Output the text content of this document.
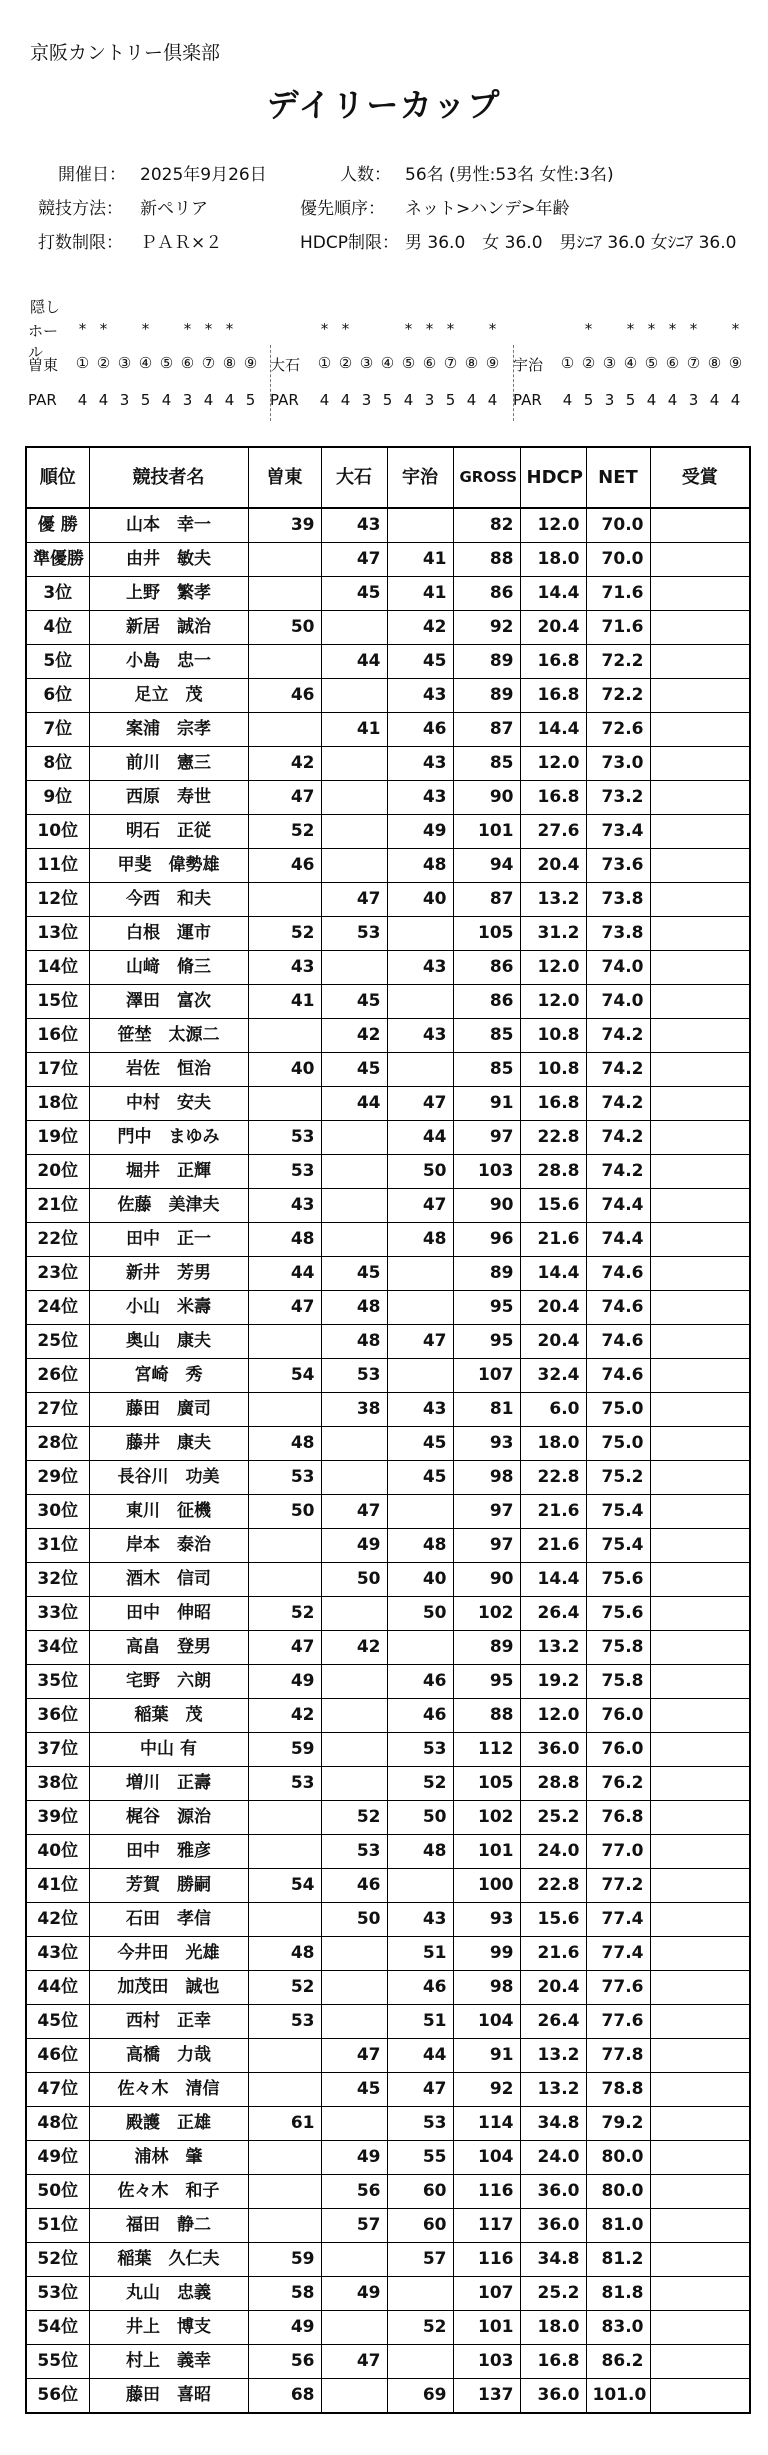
京阪カントリー倶楽部
デイリーカップ
開催日： 2025年9月26日	人数： 56名 (男性:53名 女性:3名)
競技方法： 新ペリア	優先順序： ネット>ハンデ>年齢
打数制限： ＰＡＲ×２	HDCP制限： 男 36.0　女 36.0　男ｼﾆｱ 36.0 女ｼﾆｱ 36.0
隠し
ホール
* *	*	* * *	* *	* * *	*	*	* * * *	*
曽東	① ② ③ ④ ⑤ ⑥ ⑦ ⑧ ⑨ 大石	① ② ③ ④ ⑤ ⑥ ⑦ ⑧ ⑨ 宇治	① ② ③ ④ ⑤ ⑥ ⑦ ⑧ ⑨
PAR	4 4 3 5 4 3 4 4 5 PAR	4 4 3 5 4 3 5 4 4	PAR	4 5 3 5 4 4 3 4 4
順位	競技者名	曽東	大石	宇治	GROSS	HDCP	NET	受賞
優 勝	山本　幸一	39	43		82	12.0	70.0	
準優勝	由井　敏夫		47	41	88	18.0	70.0	
3位	上野　繁孝		45	41	86	14.4	71.6	
4位	新居　誠治	50		42	92	20.4	71.6	
5位	小島　忠一		44	45	89	16.8	72.2	
6位	足立　茂	46		43	89	16.8	72.2	
7位	案浦　宗孝		41	46	87	14.4	72.6	
8位	前川　憲三	42		43	85	12.0	73.0	
9位	西原　寿世	47		43	90	16.8	73.2	
10位	明石　正従	52		49	101	27.6	73.4	
11位	甲斐　偉勢雄	46		48	94	20.4	73.6	
12位	今西　和夫		47	40	87	13.2	73.8	
13位	白根　運市	52	53		105	31.2	73.8	
14位	山﨑　脩三	43		43	86	12.0	74.0	
15位	澤田　富次	41	45		86	12.0	74.0	
16位	笹埜　太源二		42	43	85	10.8	74.2	
17位	岩佐　恒治	40	45		85	10.8	74.2	
18位	中村　安夫		44	47	91	16.8	74.2	
19位	門中　まゆみ	53		44	97	22.8	74.2	
20位	堀井　正輝	53		50	103	28.8	74.2	
21位	佐藤　美津夫	43		47	90	15.6	74.4	
22位	田中　正一	48		48	96	21.6	74.4	
23位	新井　芳男	44	45		89	14.4	74.6	
24位	小山　米壽	47	48		95	20.4	74.6	
25位	奥山　康夫		48	47	95	20.4	74.6	
26位	宮崎　秀	54	53		107	32.4	74.6	
27位	藤田　廣司		38	43	81	6.0	75.0	
28位	藤井　康夫	48		45	93	18.0	75.0	
29位	長谷川　功美	53		45	98	22.8	75.2	
30位	東川　征機	50	47		97	21.6	75.4	
31位	岸本　泰治		49	48	97	21.6	75.4	
32位	酒木　信司		50	40	90	14.4	75.6	
33位	田中　伸昭	52		50	102	26.4	75.6	
34位	高畠　登男	47	42		89	13.2	75.8	
35位	宅野　六朗	49		46	95	19.2	75.8	
36位	稲葉　茂	42		46	88	12.0	76.0	
37位	中山 有	59		53	112	36.0	76.0	
38位	増川　正壽	53		52	105	28.8	76.2	
39位	梶谷　源治		52	50	102	25.2	76.8	
40位	田中　雅彦		53	48	101	24.0	77.0	
41位	芳賀　勝嗣	54	46		100	22.8	77.2	
42位	石田　孝信		50	43	93	15.6	77.4	
43位	今井田　光雄	48		51	99	21.6	77.4	
44位	加茂田　誠也	52		46	98	20.4	77.6	
45位	西村　正幸	53		51	104	26.4	77.6	
46位	高橋　力哉		47	44	91	13.2	77.8	
47位	佐々木　清信		45	47	92	13.2	78.8	
48位	殿護　正雄	61		53	114	34.8	79.2	
49位	浦林　肇		49	55	104	24.0	80.0	
50位	佐々木　和子		56	60	116	36.0	80.0	
51位	福田　静二		57	60	117	36.0	81.0	
52位	稲葉　久仁夫	59		57	116	34.8	81.2	
53位	丸山　忠義	58	49		107	25.2	81.8	
54位	井上　博支	49		52	101	18.0	83.0	
55位	村上　義幸	56	47		103	16.8	86.2	
56位	藤田　喜昭	68		69	137	36.0	101.0	
